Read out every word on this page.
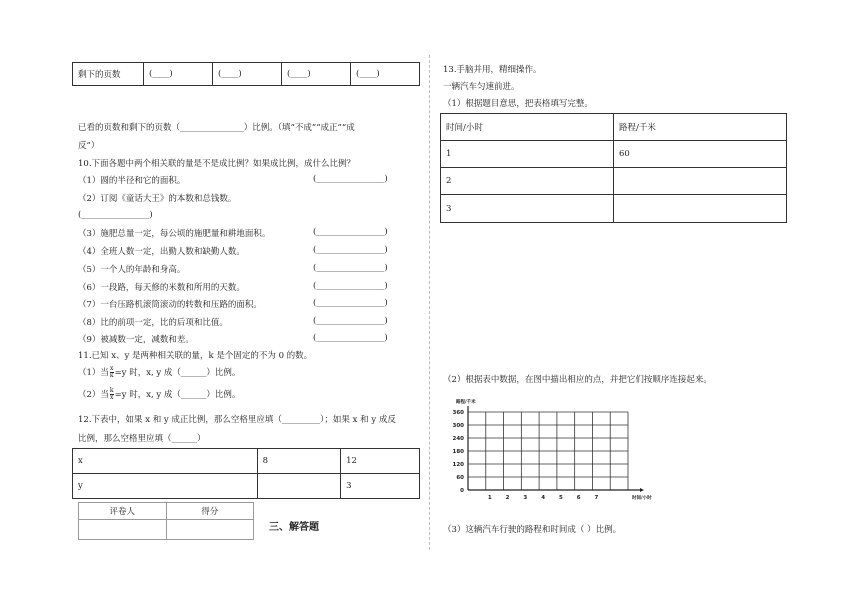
剩下的页数	(____)	(____)	(____)	(____)
已看的页数和剩下的页数（_______________）比例。（填“不成”“成正”“成
反”）
10.下面各题中两个相关联的量是不是成比例？如果成比例，成什么比例？
（1）圆的半径和它的面积。	(________________)
（2）订阅《童话大王》的本数和总钱数。
(________________)
（3）施肥总量一定，每公顷的施肥量和耕地面积。	(________________)
（4）全班人数一定，出勤人数和缺勤人数。	(________________)
（5）一个人的年龄和身高。	(________________)
（6）一段路，每天修的米数和所用的天数。	(________________)
（7）一台压路机滚筒滚动的转数和压路的面积。	(________________)
（8）比的前项一定，比的后项和比值。	(________________)
（9）被减数一定，减数和差。	(________________)
11.已知 x、y 是两种相关联的量，k 是个固定的不为 0 的数。
（1）当 $\frac{x}{k} =y$ 时，x, y 成（______）比例。
（2）当 $\frac{k}{x} =y$ 时，x, y 成（______）比例。
12.下表中，如果 x 和 y 成正比例，那么空格里应填（_________）；如果 x 和 y 成反
比例，那么空格里应填（______）
x	8	12
y		3
评卷人	得分

三、解答题
13.手脑并用，精细操作。
一辆汽车匀速前进。
（1）根据题目意思，把表格填写完整。
时间/小时	路程/千米
1	60
2	
3	
（2）根据表中数据，在图中描出相应的点，并把它们按顺序连接起来。
0
60
120
180
240
300
360
1	2	3	4	5	6	7
路程/千米
时间/小时
（3）这辆汽车行驶的路程和时间成（ ）比例。
